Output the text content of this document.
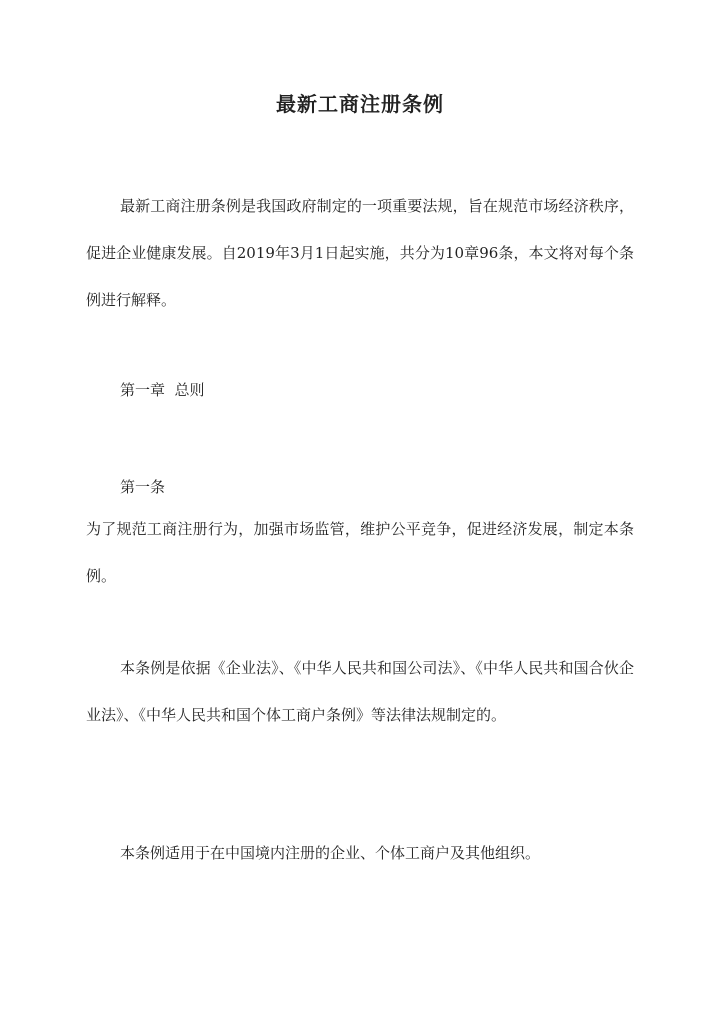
最新工商注册条例
最新工商注册条例是我国政府制定的一项重要法规，旨在规范市场经济秩序，促进企业健康发展。自2019年3月1日起实施，共分为10章96条，本文将对每个条例进行解释。
第一章  总则
第一条
为了规范工商注册行为，加强市场监管，维护公平竞争，促进经济发展，制定本条例。
本条例是依据《企业法》、《中华人民共和国公司法》、《中华人民共和国合伙企业法》、《中华人民共和国个体工商户条例》等法律法规制定的。
本条例适用于在中国境内注册的企业、个体工商户及其他组织。
